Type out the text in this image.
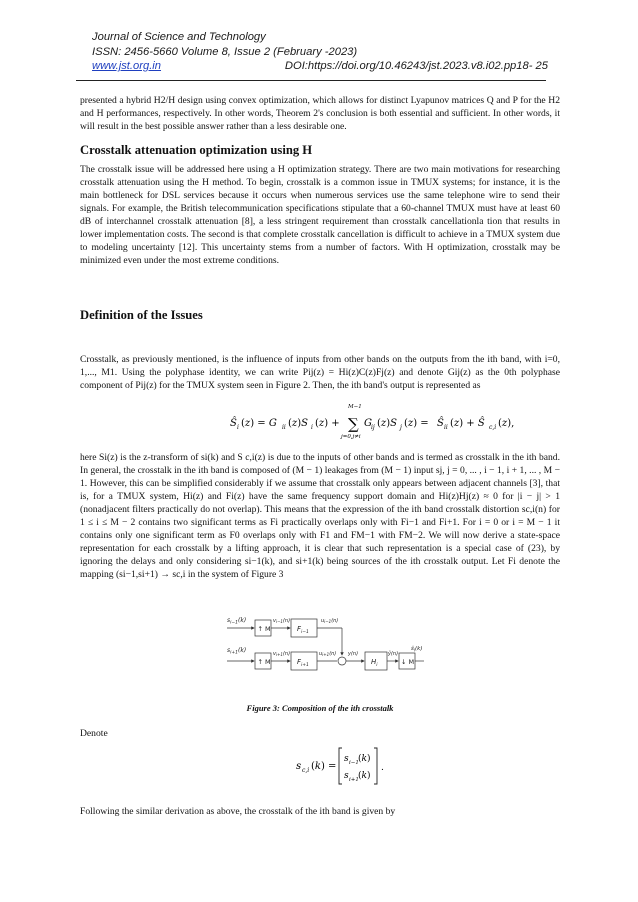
Journal of Science and Technology
ISSN: 2456-5660 Volume 8, Issue 2 (February -2023)
www.jst.org.in	DOI:https://doi.org/10.46243/jst.2023.v8.i02.pp18- 25

presented a hybrid H2/H design using convex optimization, which allows for distinct Lyapunov matrices Q and P for the H2 and H performances, respectively. In other words, Theorem 2's conclusion is both essential and sufficient. In other words, it will result in the best possible answer rather than a less desirable one.

Crosstalk attenuation optimization using H

The crosstalk issue will be addressed here using a H optimization strategy. There are two main motivations for researching crosstalk attenuation using the H method. To begin, crosstalk is a common issue in TMUX systems; for instance, it is the main bottleneck for DSL services because it occurs when numerous services use the same telephone wire to send their signals. For example, the British telecommunication specifications stipulate that a 60-channel TMUX must have at least 60 dB of interchannel crosstalk attenuation [8], a less stringent requirement than crosstalk cancellationla tion that results in lower implementation costs. The second is that complete crosstalk cancellation is difficult to achieve in a TMUX system due to modeling uncertainty [12]. This uncertainty stems from a number of factors. With H optimization, crosstalk may be minimized even under the most extreme conditions.

Definition of the Issues

Crosstalk, as previously mentioned, is the influence of inputs from other bands on the outputs from the ith band, with i=0, 1,..., M1. Using the polyphase identity, we can write Pij(z) = Hi(z)C(z)Fj(z) and denote Gij(z) as the 0th polyphase component of Pij(z) for the TMUX system seen in Figure 2. Then, the ith band's output is represented as

Ŝ i (z) = G ii (z)S i (z) +
M−1
∑
j=0,j≠i
G ij (z)S j (z) = Ŝ ii (z) + Ŝ c,i (z),

here Si(z) is the z-transform of si(k) and S c,i(z) is due to the inputs of other bands and is termed as crosstalk in the ith band. In general, the crosstalk in the ith band is composed of (M − 1) leakages from (M − 1) input sj, j = 0, ... , i − 1, i + 1, ... , M − 1. However, this can be simplified considerably if we assume that crosstalk only appears between adjacent channels [3], that is, for a TMUX system, Hi(z) and Fi(z) have the same frequency support domain and Hi(z)Hj(z) ≈ 0 for |i − j| > 1 (nonadjacent filters practically do not overlap). This means that the expression of the ith band crosstalk distortion sc,i(n) for 1 ≤ i ≤ M − 2 contains two significant terms as Fi practically overlaps only with Fi−1 and Fi+1. For i = 0 or i = M − 1 it contains only one significant term as F0 overlaps only with F1 and FM−1 with FM−2. We will now derive a state-space representation for each crosstalk by a lifting approach, it is clear that such representation is a special case of (23), by ignoring the delays and only considering si−1(k), and si+1(k) being sources of the ith crosstalk output. Let Fi denote the mapping (si−1,si+1) → sc,i in the system of Figure 3

$s_{i-1}(k)$
↑ M
$v_{i-1}(n)$
$F_{i-1}$
$u_{i-1}(n)$
$s_{i+1}(k)$
↑ M
$v_{i+1}(n)$
$F_{i+1}$
$u_{i+1}(n)$ y(n)
$H_i$
ŷ(n)
↓ M
$ŝ_i(k)$
Figure 3: Composition of the ith crosstalk

Denote

s c,i (k) =
s i−1 (k)
s i+1 (k)
.

Following the similar derivation as above, the crosstalk of the ith band is given by
